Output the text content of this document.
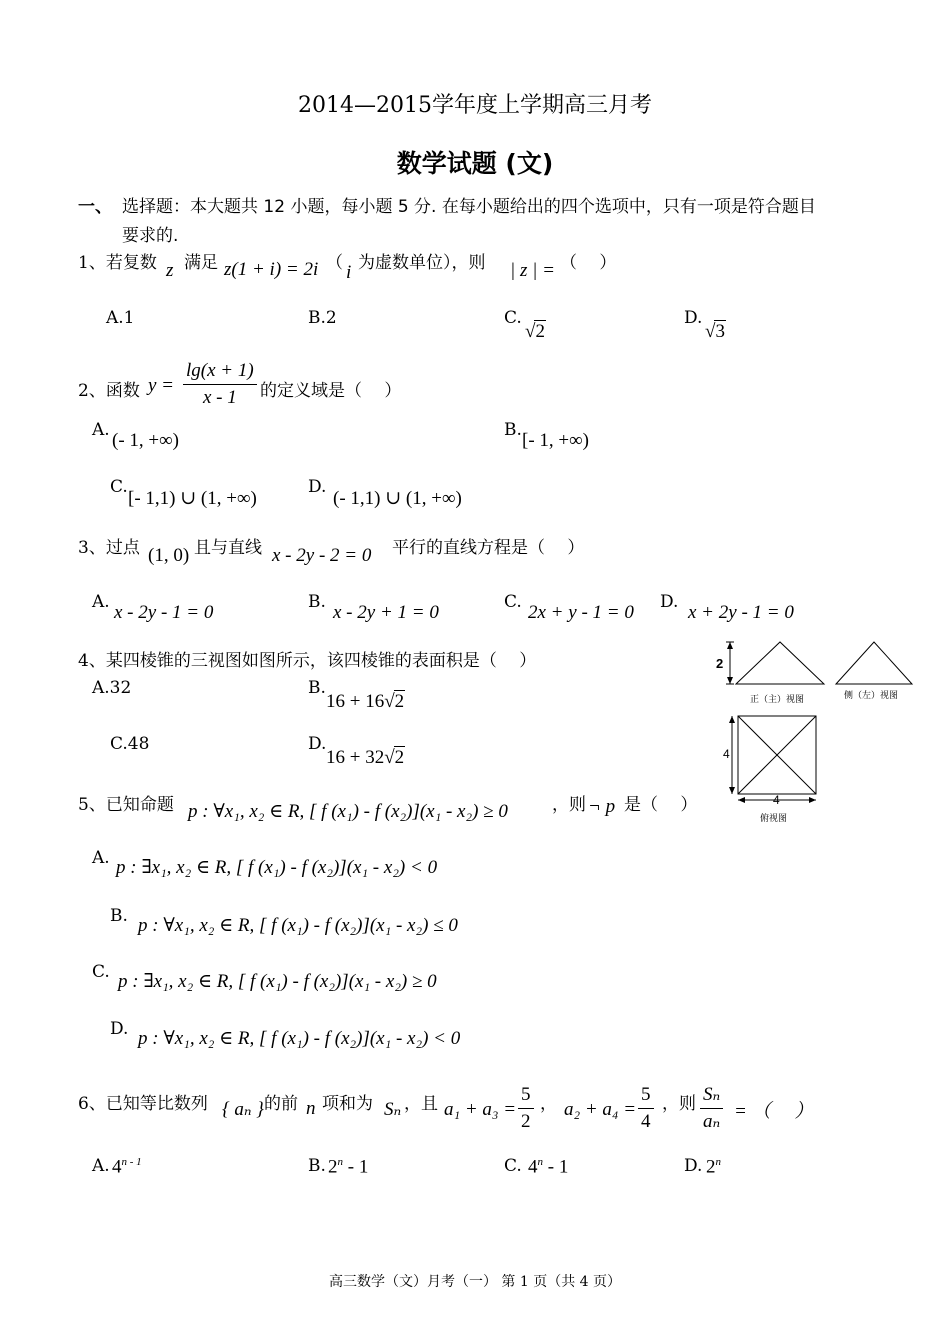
2014—2015学年度上学期高三月考
数学试题 (文)
一、 选择题：本大题共 12 小题，每小题 5 分. 在每小题给出的四个选项中，只有一项是符合题目
要求的.
1、若复数 z 满足 z(1 + i) = 2i （ i 为虚数单位），则 | z | = （　 ）
A.1	B.2	C.
√2
D.
√3
2、函数 $y = \frac{\lg(x + 1)}{x - 1}$ 的定义域是（　 ）
A. (- 1, +∞)	B. [- 1, +∞)
C.
[- 1,1) ∪ (1, +∞)
D.
(- 1,1) ∪ (1, +∞)
3、过点 (1, 0) 且与直线 x - 2y - 2 = 0 平行的直线方程是（　 ）
A. x - 2y - 1 = 0	B. x - 2y + 1 = 0	C. 2x + y - 1 = 0 D. x + 2y - 1 = 0
4、某四棱锥的三视图如图所示，该四棱锥的表面积是（　 ）
A.32	B.
16 + 16√2
C.48	D.
16 + 32√2
2
正（主）视图	侧（左）视图
4
4
俯视图
5、已知命题 p : ∀x₁, x₂ ∈ R, [ f (x₁) - f (x₂)](x₁ - x₂) ≥ 0	，则 ¬ p 是（　 ）
A. p : ∃x₁, x₂ ∈ R, [ f (x₁) - f (x₂)](x₁ - x₂) < 0
B. p : ∀x₁, x₂ ∈ R, [ f (x₁) - f (x₂)](x₁ - x₂) ≤ 0
C. p : ∃x₁, x₂ ∈ R, [ f (x₁) - f (x₂)](x₁ - x₂) ≥ 0
D. p : ∀x₁, x₂ ∈ R, [ f (x₁) - f (x₂)](x₁ - x₂) < 0
6、已知等比数列 { aₙ } 的前 n 项和为 Sₙ ，且 $a_1 + a_3 = \frac{5}{2}$ ， $a_2 + a_4 = \frac{5}{4}$ ，则 $\frac{\text{Sₙ}}{\text{aₙ}}$ = （　 ）
A. 4$^{n - 1}$	B. 2$^n$ - 1	C. 4$^n$ - 1	D. 2$^n$
高三数学（文）月考（一） 第 1 页（共 4 页）
